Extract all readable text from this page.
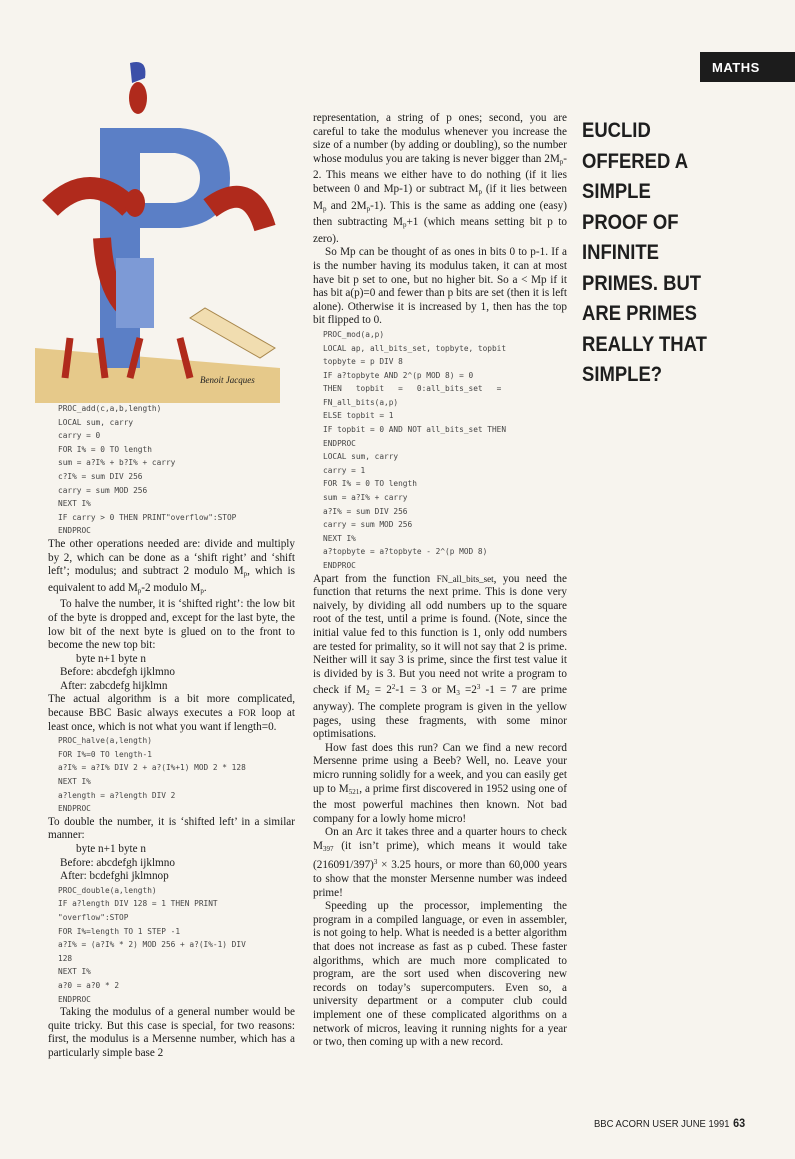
MATHS
Benoit Jacques
EUCLID
OFFERED A
SIMPLE
PROOF OF
INFINITE
PRIMES. BUT
ARE PRIMES
REALLY THAT
SIMPLE?
PROC_add(c,a,b,length)
LOCAL sum, carry
carry = 0
FOR I% = 0 TO length
sum = a?I% + b?I% + carry
c?I% = sum DIV 256
carry = sum MOD 256
NEXT I%
IF carry > 0 THEN PRINT"overflow":STOP
ENDPROC

The other operations needed are: divide and multiply by 2, which can be done as a ‘shift right’ and ‘shift left’; modulus; and subtract 2 modulo $M_p$, which is equivalent to add $M_p-2$ modulo $M_p$.

To halve the number, it is ‘shifted right’: the low bit of the byte is dropped and, except for the last byte, the low bit of the next byte is glued on to the front to become the new top bit:

byte n+1 byte n
Before: abcdefgh ijklmno
After: zabcdefg hijklmn

The actual algorithm is a bit more complicated, because BBC Basic always executes a FOR loop at least once, which is not what you want if length=0.

PROC_halve(a,length)
FOR I%=0 TO length-1
a?I% = a?I% DIV 2 + a?(I%+1) MOD 2 * 128
NEXT I%
a?length = a?length DIV 2
ENDPROC

To double the number, it is ‘shifted left’ in a similar manner:

byte n+1 byte n
Before: abcdefgh ijklmno
After: bcdefghi jklmnop
PROC_double(a,length)
IF a?length DIV 128 = 1 THEN PRINT
"overflow":STOP
FOR I%=length TO 1 STEP -1
a?I% = (a?I% * 2) MOD 256 + a?(I%-1) DIV
128
NEXT I%
a?0 = a?0 * 2
ENDPROC

Taking the modulus of a general number would be quite tricky. But this case is special, for two reasons: first, the modulus is a Mersenne number, which has a particularly simple base 2

representation, a string of p ones; second, you are careful to take the modulus whenever you increase the size of a number (by adding or doubling), so the number whose modulus you are taking is never bigger than $2M_p-2$. This means we either have to do nothing (if it lies between 0 and Mp-1) or subtract $M_p$ (if it lies between $M_p$ and $2M_p-1$). This is the same as adding one (easy) then subtracting $M_p+1$ (which means setting bit p to zero).

So Mp can be thought of as ones in bits 0 to p-1. If a is the number having its modulus taken, it can at most have bit p set to one, but no higher bit. So a < Mp if it has bit a(p)=0 and fewer than p bits are set (then it is left alone). Otherwise it is increased by 1, then has the top bit flipped to 0.

PROC_mod(a,p)
LOCAL ap, all_bits_set, topbyte, topbit
topbyte = p DIV 8
IF a?topbyte AND 2^(p MOD 8) = 0
THEN   topbit   =   0:all_bits_set   =
FN_all_bits(a,p)
ELSE topbit = 1
IF topbit = 0 AND NOT all_bits_set THEN
ENDPROC
LOCAL sum, carry
carry = 1
FOR I% = 0 TO length
sum = a?I% + carry
a?I% = sum DIV 256
carry = sum MOD 256
NEXT I%
a?topbyte = a?topbyte - 2^(p MOD 8)
ENDPROC

Apart from the function FN_all_bits_set, you need the function that returns the next prime. This is done very naively, by dividing all odd numbers up to the square root of the test, until a prime is found. (Note, since the initial value fed to this function is 1, only odd numbers are tested for primality, so it will not say that 2 is prime. Neither will it say 3 is prime, since the first test value it is divided by is 3. But you need not write a program to check if $M_2 = 2^2-1 = 3$ or $M_3 =2^3$ -1 = 7 are prime anyway). The complete program is given in the yellow pages, using these fragments, with some minor optimisations.

How fast does this run? Can we find a new record Mersenne prime using a Beeb? Well, no. Leave your micro running solidly for a week, and you can easily get up to $M_{521}$, a prime first discovered in 1952 using one of the most powerful machines then known. Not bad company for a lowly home micro!

On an Arc it takes three and a quarter hours to check $M_{397}$ (it isn’t prime), which means it would take $(216091/397)^3 \times 3.25$ hours, or more than 60,000 years to show that the monster Mersenne number was indeed prime!

Speeding up the processor, implementing the program in a compiled language, or even in assembler, is not going to help. What is needed is a better algorithm that does not increase as fast as p cubed. These faster algorithms, which are much more complicated to program, are the sort used when discovering new records on today’s supercomputers. Even so, a university department or a computer club could implement one of these complicated algorithms on a network of micros, leaving it running nights for a year or two, then coming up with a new record.

BBC ACORN USER JUNE 1991 63
